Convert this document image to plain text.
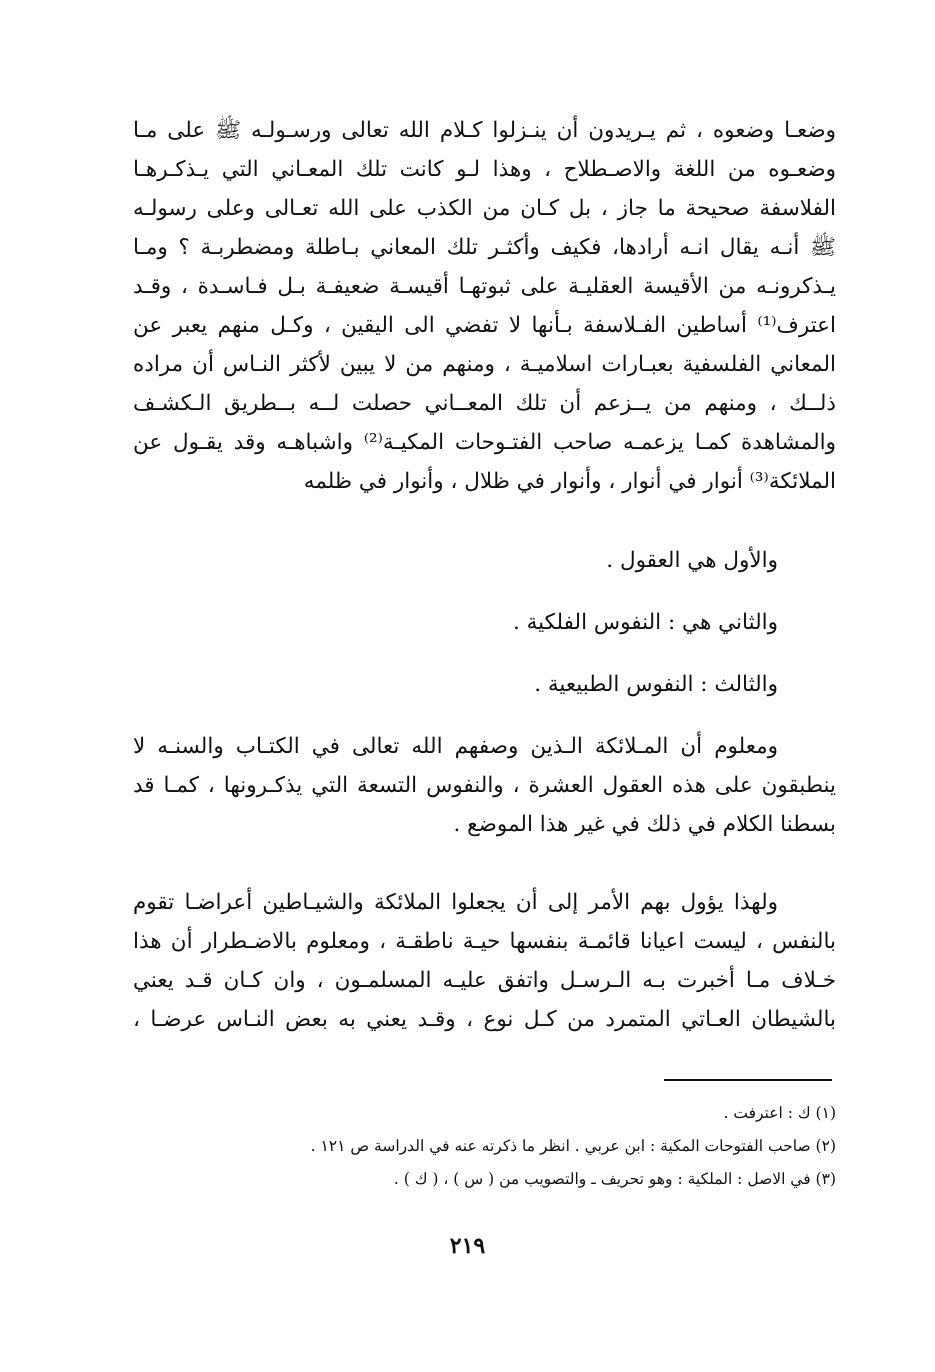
وضعـا وضعوه ، ثم يـريدون أن ينـزلوا كـلام الله تعالى ورسـولـه ﷺ على مـا
وضعـوه من اللغة والاصـطلاح ، وهذا لـو كانت تلك المعـاني التي يـذكـرهـا
الفلاسفة صحيحة ما جاز ، بل كـان من الكذب على الله تعـالى وعلى رسولـه
ﷺ أنـه يقال انـه أرادها، فكيف وأكثـر تلك المعاني بـاطلة ومضطربـة ؟ ومـا
يـذكرونـه من الأقيسة العقليـة على ثبوتهـا أقيسـة ضعيفـة بـل فـاسـدة ، وقـد
اعترف⁽¹⁾ أساطين الفـلاسفة بـأنها لا تفضي الى اليقين ، وكـل منهم يعبر عن
المعاني الفلسفية بعبـارات اسلاميـة ، ومنهم من لا يبين لأكثر النـاس أن مراده
ذلــك ، ومنهم من يــزعم أن تلك المعــاني حصلت لــه بــطريق الـكشـف
والمشاهدة كمـا يزعمـه صاحب الفتـوحات المكيـة⁽²⁾ واشباهـه وقد يقـول عن
الملائكة⁽³⁾ أنوار في أنوار ، وأنوار في ظلال ، وأنوار في ظلمه
والأول هي العقول .
والثاني هي : النفوس الفلكية .
والثالث : النفوس الطبيعية .
ومعلوم أن المـلائكة الـذين وصفهم الله تعالى في الكتـاب والسنـه لا
ينطبقون على هذه العقول العشرة ، والنفوس التسعة التي يذكـرونها ، كمـا قد
بسطنا الكلام في ذلك في غير هذا الموضع .
ولهذا يؤول بهم الأمر إلى أن يجعلوا الملائكة والشيـاطين أعراضـا تقوم
بالنفس ، ليست اعيانا قائمـة بنفسها حيـة ناطقـة ، ومعلوم بالاضـطرار أن هذا
خـلاف مـا أخبرت بـه الـرسـل واتفق عليـه المسلمـون ، وان كـان قـد يعني
بالشيطان العـاتي المتمرد من كـل نوع ، وقـد يعني به بعض النـاس عرضـا ،
(١) ك : اعترفت .
(٢) صاحب الفتوحات المكية : ابن عربي . انظر ما ذكرته عنه في الدراسة ص ١٢١ .
(٣) في الاصل : الملكية : وهو تحريف ـ والتصويب من ( س ) ، ( ك ) .
٢١٩
